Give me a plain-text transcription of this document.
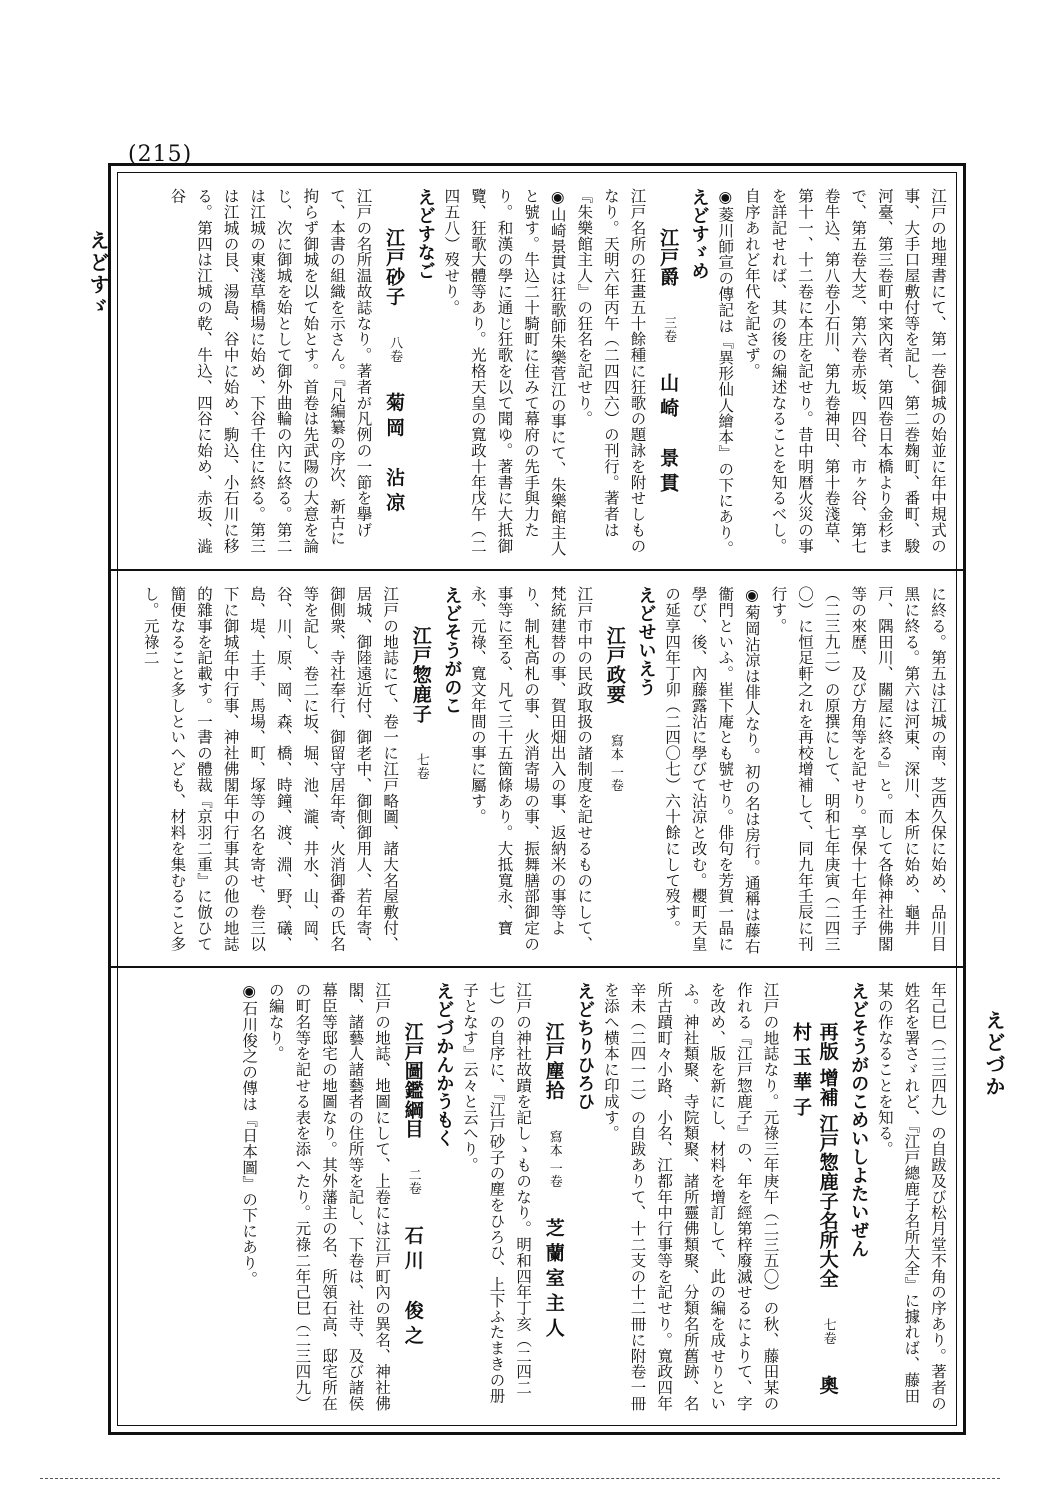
(215)
えどすゞ
えどづか
江戸の地理書にて、第一巻御城の始並に年中規式の事、大手口屋敷付等を記し、第二巻麹町、番町、駿河臺、第三卷町中寀內者、第四卷日本橋より金杉まで、第五卷大芝、第六卷赤坂、四谷、市ヶ谷、第七卷牛込、第八卷小石川、第九卷神田、第十卷淺草、第十一、十二卷に本庄を記せり。昔中明暦火災の事を詳記せれば、其の後の編述なることを知るべし。自序あれど年代を記さず。
◉菱川師宣の傳記は『異形仙人繪本』の下にあり。
えどすゞめ
江戸爵三卷山崎　景貫
江戸名所の狂畫五十餘種に狂歌の題詠を附せしものなり。天明六年丙午（二四四六）の刊行。著者は『朱樂館主人』の狂名を記せり。
◉山崎景貫は狂歌師朱樂菅江の事にて、朱樂館主人と號す。牛込二十騎町に住みて幕府の先手與力たり。和漢の學に通じ狂歌を以て聞ゆ。著書に大抵御覽、狂歌大體等あり。光格天皇の寬政十年戊午（二四五八）歿せり。
えどすなご
江戸砂子八卷菊岡　沾凉
江戸の名所温故誌なり。著者が凡例の一節を擧げて、本書の組織を示さん。『凡編纂の序次、新古に拘らず御城を以て始とす。首卷は先武陽の大意を論じ、次に御城を始として御外曲輪の內に終る。第二は江城の東淺草橋場に始め、下谷千住に終る。第三は江城の艮、湯島、谷中に始め、駒込、小石川に移る。第四は江城の乾、牛込、四谷に始め、赤坂、澁谷
に終る。第五は江城の南、芝西久保に始め、品川目黑に終る。第六は河東、深川、本所に始め、龜井戸、隅田川、關屋に終る』と。而して各條神社佛閣等の來歷、及び方角等を記せり。享保十七年壬子（二三九二）の原撰にして、明和七年庚寅（二四三〇）に恒足軒之れを再校增補して、同九年壬辰に刊行す。
◉菊岡沾凉は俳人なり。初の名は房行。通稱は藤右衞門といふ。崔下庵とも號せり。俳句を芳賀一晶に學び、後、內藤露沾に學びて沾凉と改む。櫻町天皇の延享四年丁卯（二四〇七）六十餘にして歿す。
えどせいえう
江戸政要寫本 一卷
江戸市中の民政取扱の諸制度を記せるものにして、梵統建替の事、賀田畑出入の事、返納米の事等より、制札高札の事、火消寄場の事、振舞膳部御定の事等に至る、凡て三十五箇條あり。大抵寬永、寶永、元祿、寬文年間の事に屬す。
えどそうがのこ
江戸惣鹿子七卷
江戸の地誌にて、卷一に江戸略圖、諸大名屋敷付、居城、御陸遠近付、御老中、御側御用人、若年寄、御側衆、寺社奉行、御留守居年寄、火消御番の氏名等を記し、卷二に坂、堀、池、瀧、井水、山、岡、谷、川、原、岡、森、橋、時鐘、渡、淵、野、礒、島、堤、土手、馬場、町、塚等の名を寄せ、卷三以下に御城年中行事、神社佛閣年中行事其の他の地誌的雜事を記載す。一書の體裁『京羽二重』に倣ひて簡便なること多しといへども、材料を集むること多し。元祿二
年己巳（二三四九）の自跋及び松月堂不角の序あり。著者の姓名を署さゞれど、『江戸總鹿子名所大全』に據れば、藤田某の作なることを知る。
えどそうがのこめいしよたいぜん
再版 增補 江戸惣鹿子名所大全七卷奧村玉華子
江戸の地誌なり。元祿三年庚午（二三五〇）の秋、藤田某の作れる『江戸惣鹿子』の、年を經第梓廢滅せるによりて、字を改め、版を新にし、材料を增訂して、此の編を成せりといふ。神社類聚、寺院類聚、諸所靈佛類聚、分類名所舊跡、名所古蹟町々小路、小名、江都年中行事等を記せり。寬政四年辛未（二四一二）の自跋ありて、十二支の十二冊に附卷一冊を添へ横本に印成す。
えどちりひろひ
江戸塵拾寫本 一卷芝蘭室主人
江戸の神社故蹟を記しゝものなり。明和四年丁亥（二四二七）の自序に、『江戸砂子の塵をひろひ、上下ふたまきの册子となす』云々と云へり。
えどづかんかうもく
江戸圖鑑綱目二卷石川　俊之
江戸の地誌、地圖にして、上卷には江戸町內の異名、神社佛閣、諸藝人諸藝者の住所等を記し、下卷は、社寺、及び諸侯幕臣等邸宅の地圖なり。其外藩主の名、所領石高、邸宅所在の町名等を記せる表を添へたり。元祿二年己巳（二三四九）の編なり。
◉石川俊之の傳は『日本圖』の下にあり。
